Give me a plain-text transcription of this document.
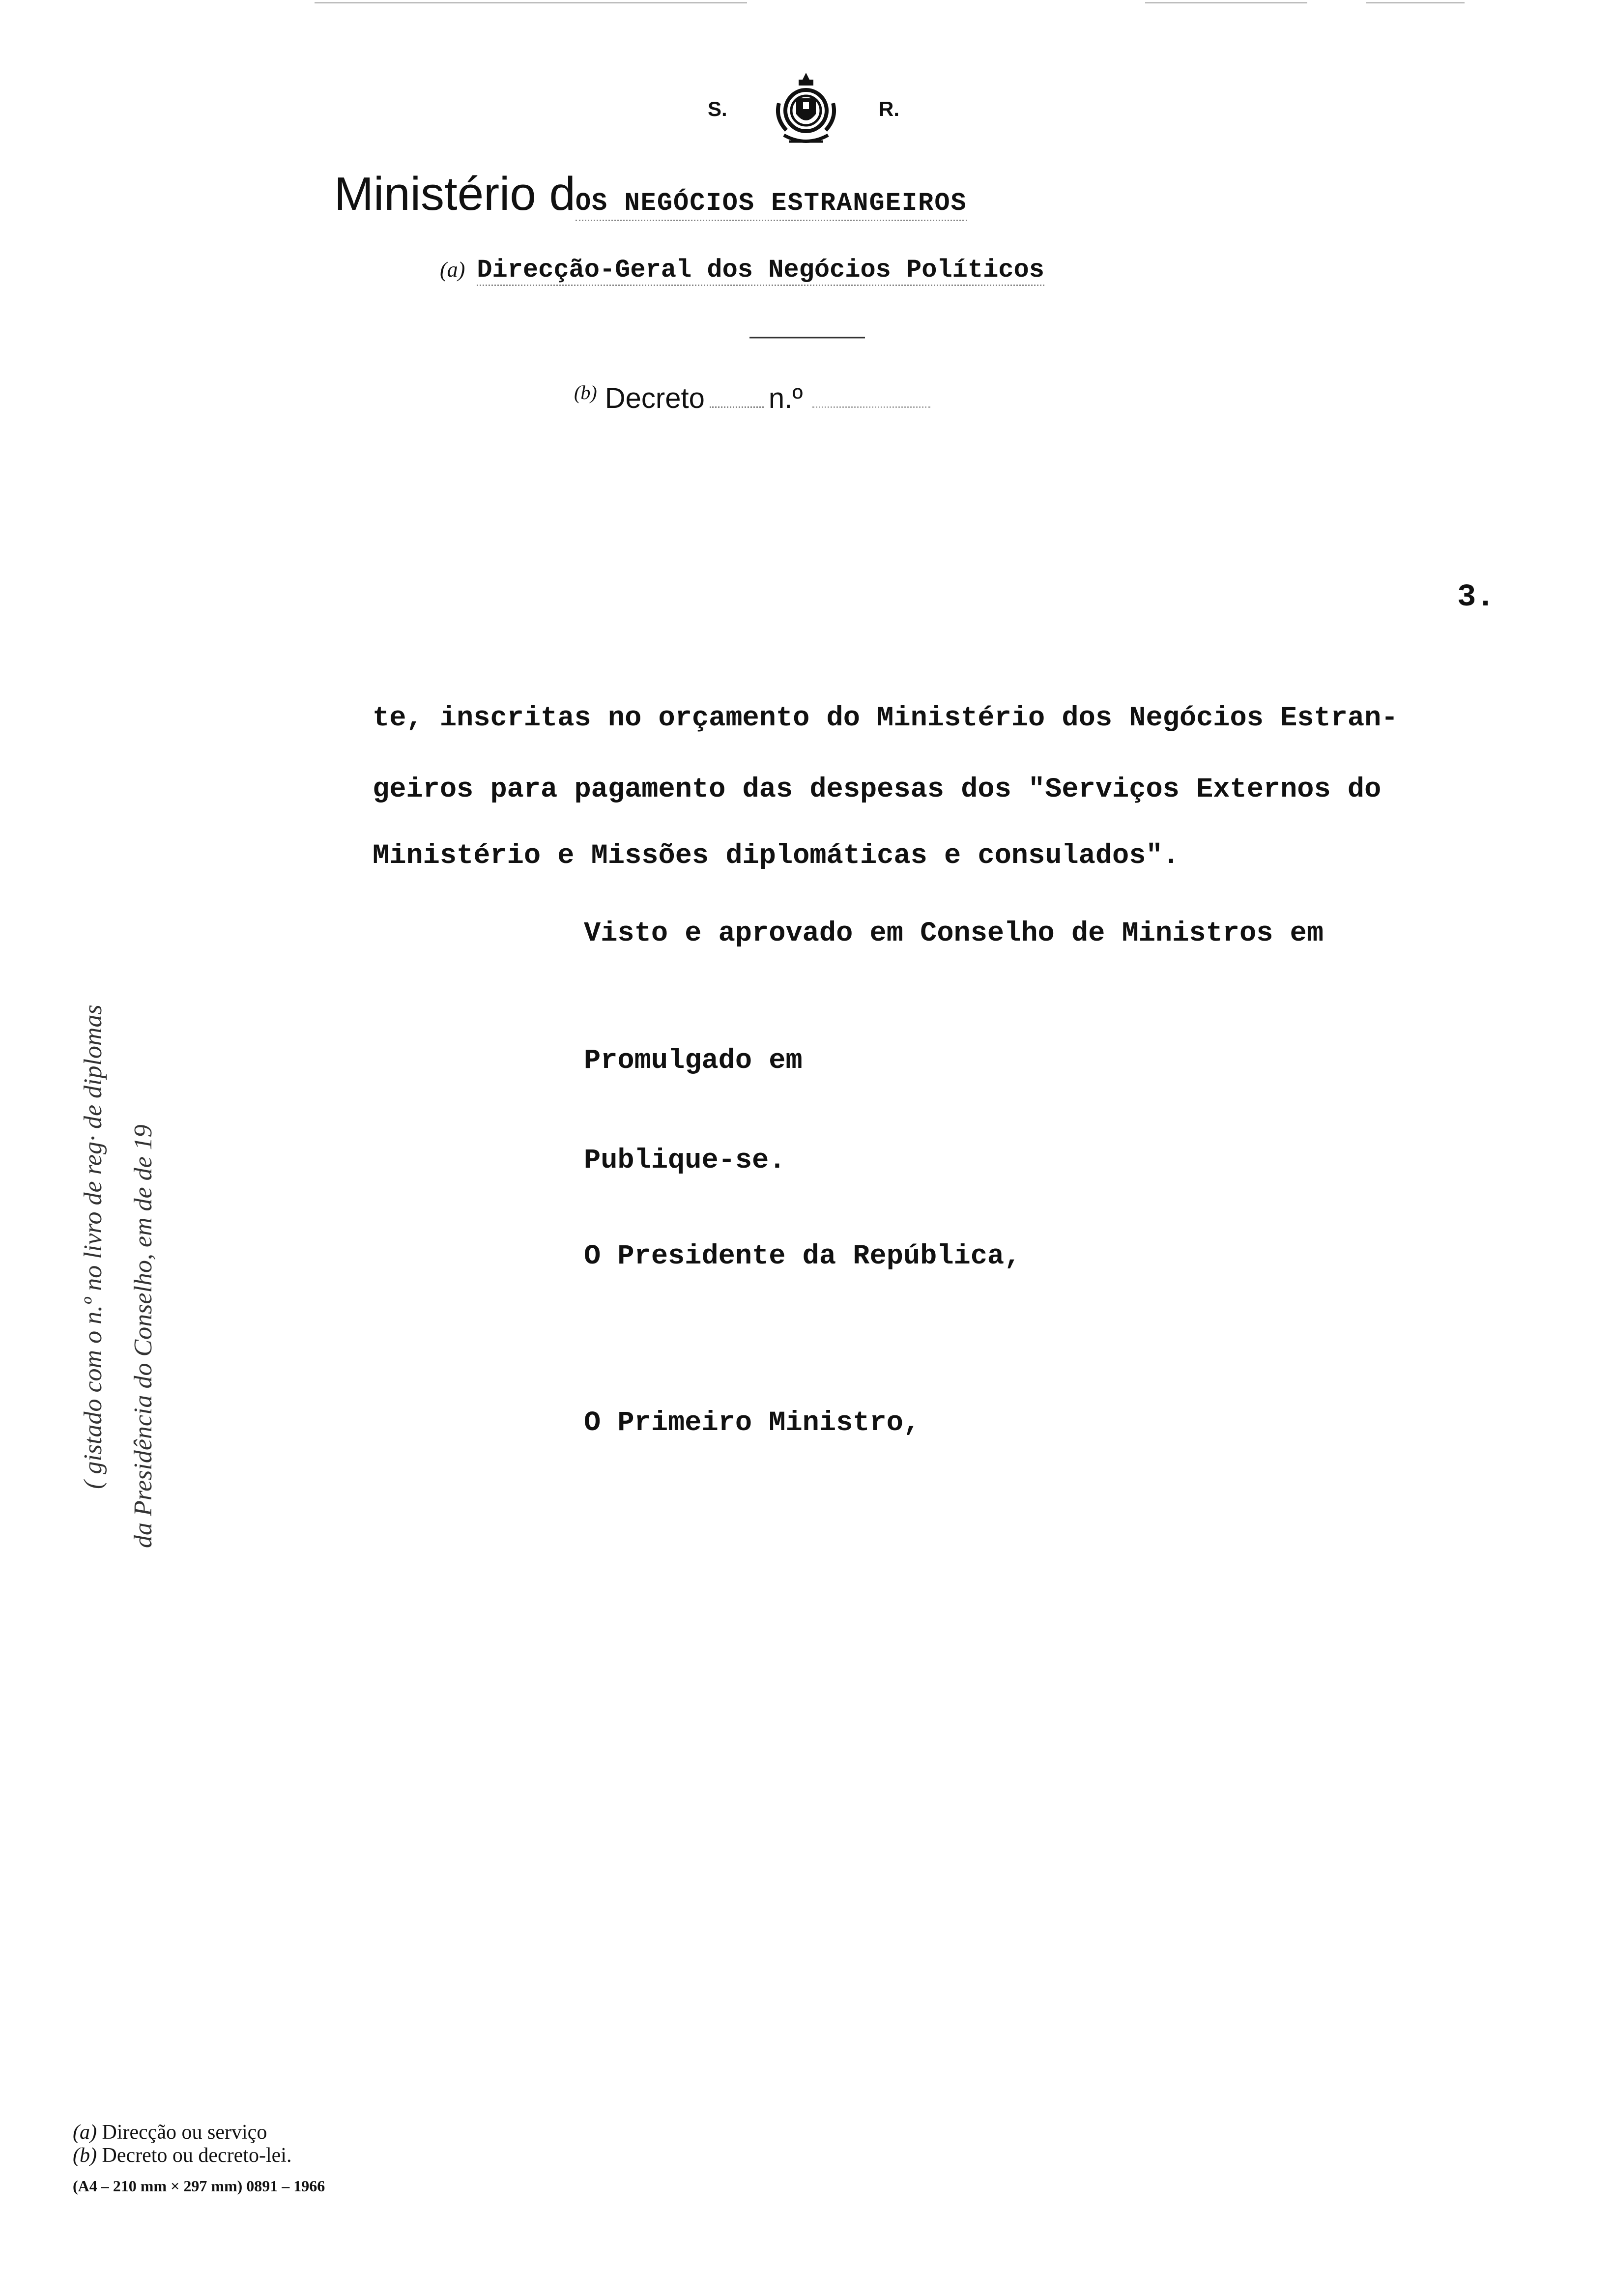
S.	R.
Ministério dOS NEGÓCIOS ESTRANGEIROS
(a) Direcção-Geral dos Negócios Políticos
$^{(b)}$ Decreto n.º
3.
te, inscritas no orçamento do Ministério dos Negócios Estran-
geiros para pagamento das despesas dos "Serviços Externos do
Ministério e Missões diplomáticas e consulados".
Visto e aprovado em Conselho de Ministros em
Promulgado em
Publique-se.
O Presidente da República,
O Primeiro Ministro,
( gistado com o n.º no livro de reg· de diplomas da Presidência do Conselho, em de de 19
(a) Direcção ou serviço
(b) Decreto ou decreto-lei.
(A4 – 210 mm × 297 mm) 0891 – 1966
